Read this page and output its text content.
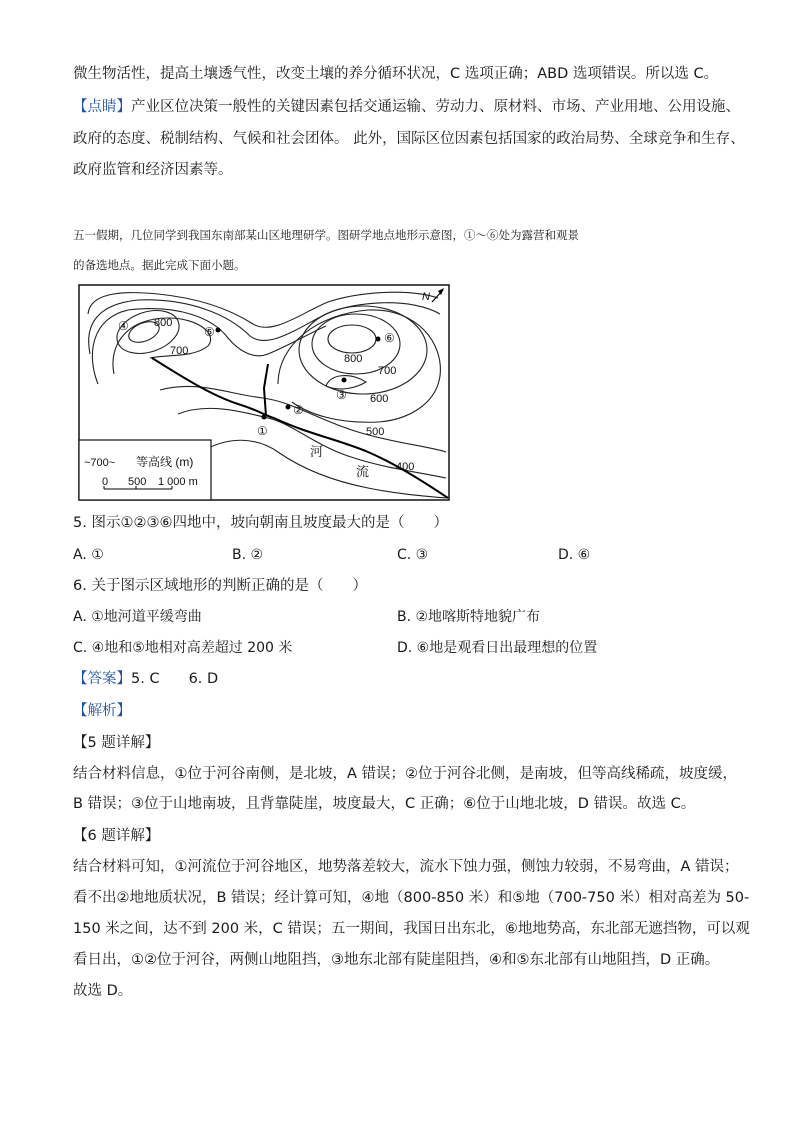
微生物活性，提高土壤透气性，改变土壤的养分循环状况，C 选项正确；ABD 选项错误。所以选 C。
【点睛】产业区位决策一般性的关键因素包括交通运输、劳动力、原材料、市场、产业用地、公用设施、
政府的态度、税制结构、气候和社会团体。 此外，国际区位因素包括国家的政治局势、全球竞争和生存、
政府监管和经济因素等。
五一假期，几位同学到我国东南部某山区地理研学。图研学地点地形示意图，①～⑥处为露营和观景
的备选地点。据此完成下面小题。
①
②
③
④	⑤	⑥
800
700
800
700
600
500
400
河
流
N
~700~ 等高线 (m)
0 500 1 000 m
5. 图示①②③⑥四地中，坡向朝南且坡度最大的是（　　）
A. ①	B. ②	C. ③	D. ⑥
6. 关于图示区域地形的判断正确的是（　　）
A. ①地河道平缓弯曲	B. ②地喀斯特地貌广布
C. ④地和⑤地相对高差超过 200 米	D. ⑥地是观看日出最理想的位置
【答案】5. C　　6. D
【解析】
【5 题详解】
结合材料信息，①位于河谷南侧，是北坡，A 错误；②位于河谷北侧，是南坡，但等高线稀疏，坡度缓，
B 错误；③位于山地南坡，且背靠陡崖，坡度最大，C 正确；⑥位于山地北坡，D 错误。故选 C。
【6 题详解】
结合材料可知，①河流位于河谷地区，地势落差较大，流水下蚀力强，侧蚀力较弱，不易弯曲，A 错误；
看不出②地地质状况，B 错误；经计算可知，④地（800-850 米）和⑤地（700-750 米）相对高差为 50-
150 米之间，达不到 200 米，C 错误；五一期间，我国日出东北，⑥地地势高，东北部无遮挡物，可以观
看日出，①②位于河谷，两侧山地阻挡，③地东北部有陡崖阻挡，④和⑤东北部有山地阻挡，D 正确。
故选 D。
